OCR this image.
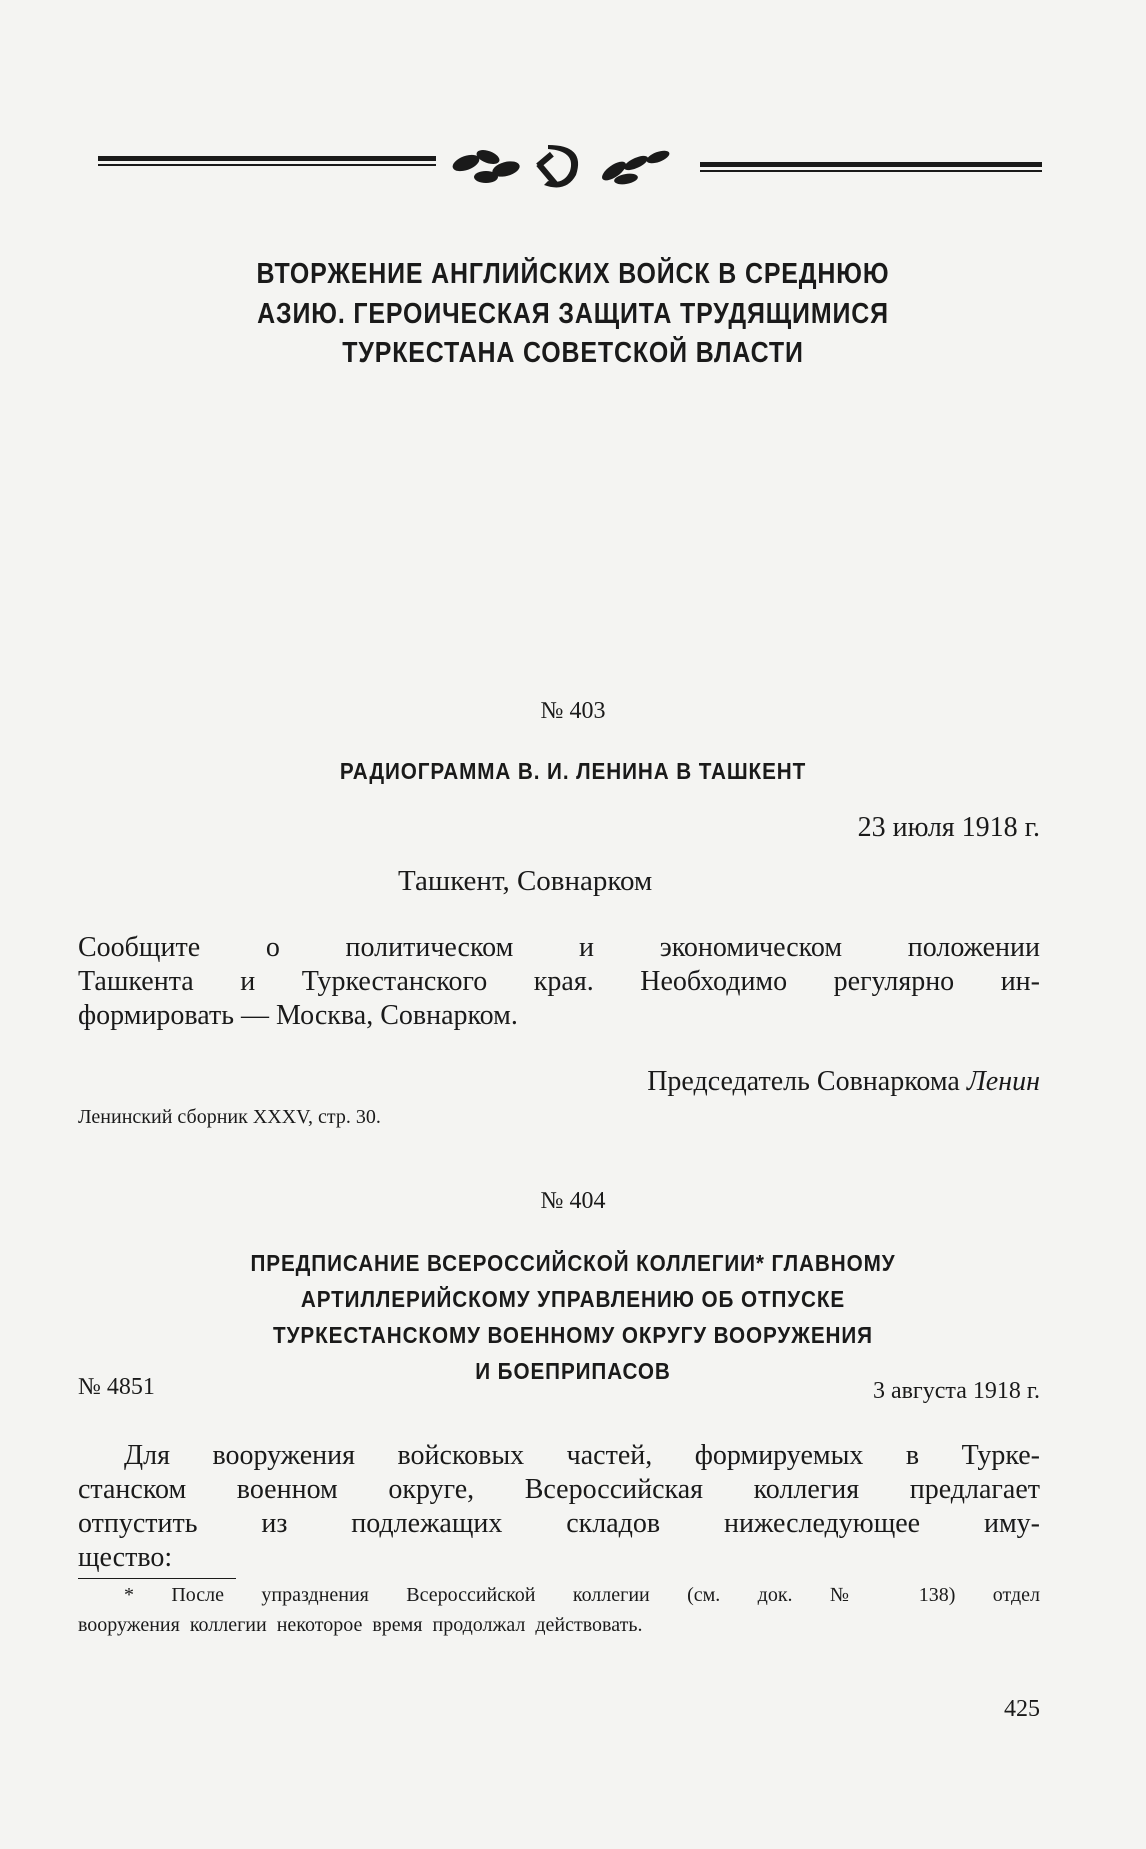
ВТОРЖЕНИЕ АНГЛИЙСКИХ ВОЙСК В СРЕДНЮЮ
АЗИЮ. ГЕРОИЧЕСКАЯ ЗАЩИТА ТРУДЯЩИМИСЯ
ТУРКЕСТАНА СОВЕТСКОЙ ВЛАСТИ
№ 403
РАДИОГРАММА В. И. ЛЕНИНА В ТАШКЕНТ
23 июля 1918 г.
Ташкент, Совнарком
Сообщите о политическом и экономическом положении
Ташкента и Туркестанского края. Необходимо регулярно ин-
формировать — Москва, Совнарком.
Председатель Совнаркома Ленин
Ленинский сборник XXXV, стр. 30.
№ 404
ПРЕДПИСАНИЕ ВСЕРОССИЙСКОЙ КОЛЛЕГИИ* ГЛАВНОМУ
АРТИЛЛЕРИЙСКОМУ УПРАВЛЕНИЮ ОБ ОТПУСКЕ
ТУРКЕСТАНСКОМУ ВОЕННОМУ ОКРУГУ ВООРУЖЕНИЯ
И БОЕПРИПАСОВ
№ 4851	3 августа 1918 г.
Для вооружения войсковых частей, формируемых в Турке-
станском военном округе, Всероссийская коллегия предлагает
отпустить из подлежащих складов нижеследующее иму-
щество:
* После упразднения Всероссийской коллегии (см. док. № 138) отдел
вооружения коллегии некоторое время продолжал действовать.
425
